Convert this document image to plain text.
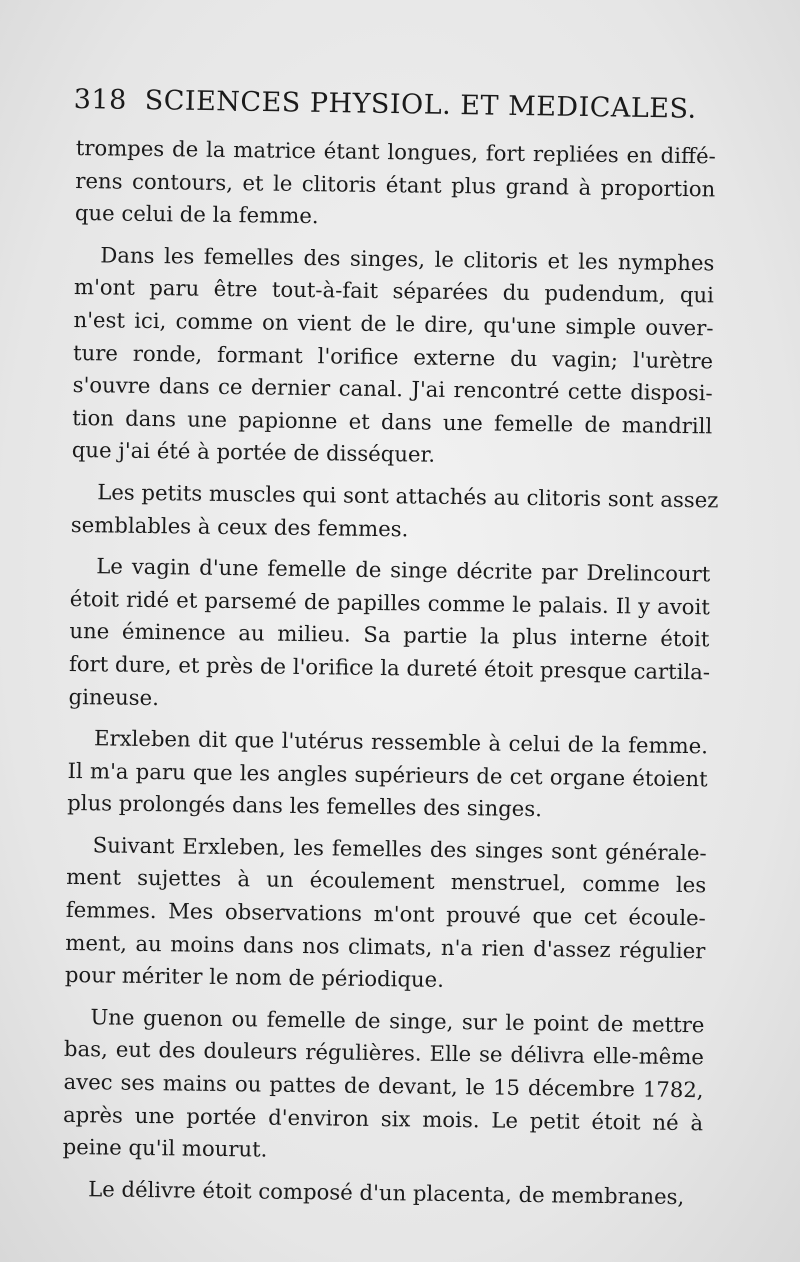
318 SCIENCES PHYSIOL. ET MEDICALES.
trompes de la matrice étant longues, fort repliées en diffé-
rens contours, et le clitoris étant plus grand à proportion
que celui de la femme.
Dans les femelles des singes, le clitoris et les nymphes
m'ont paru être tout-à-fait séparées du pudendum, qui
n'est ici, comme on vient de le dire, qu'une simple ouver-
ture ronde, formant l'orifice externe du vagin; l'urètre
s'ouvre dans ce dernier canal. J'ai rencontré cette disposi-
tion dans une papionne et dans une femelle de mandrill
que j'ai été à portée de disséquer.
Les petits muscles qui sont attachés au clitoris sont assez
semblables à ceux des femmes.
Le vagin d'une femelle de singe décrite par Drelincourt
étoit ridé et parsemé de papilles comme le palais. Il y avoit
une éminence au milieu. Sa partie la plus interne étoit
fort dure, et près de l'orifice la dureté étoit presque cartila-
gineuse.
Erxleben dit que l'utérus ressemble à celui de la femme.
Il m'a paru que les angles supérieurs de cet organe étoient
plus prolongés dans les femelles des singes.
Suivant Erxleben, les femelles des singes sont générale-
ment sujettes à un écoulement menstruel, comme les
femmes. Mes observations m'ont prouvé que cet écoule-
ment, au moins dans nos climats, n'a rien d'assez régulier
pour mériter le nom de périodique.
Une guenon ou femelle de singe, sur le point de mettre
bas, eut des douleurs régulières. Elle se délivra elle-même
avec ses mains ou pattes de devant, le 15 décembre 1782,
après une portée d'environ six mois. Le petit étoit né à
peine qu'il mourut.
Le délivre étoit composé d'un placenta, de membranes,
